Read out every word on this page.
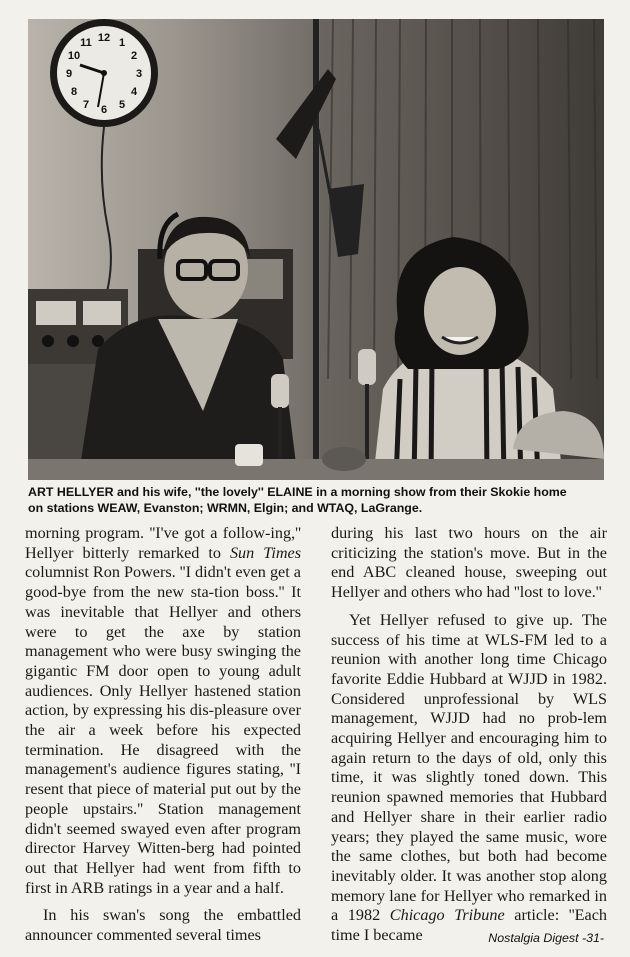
12 1
2
3
4
5
6
7
8
9
10
11
ART HELLYER and his wife, ''the lovely'' ELAINE in a morning show from their Skokie home
on stations WEAW, Evanston; WRMN, Elgin; and WTAQ, LaGrange.

morning program. ''I've got a follow-ing,'' Hellyer bitterly remarked to Sun Times columnist Ron Powers. ''I didn't even get a good-bye from the new sta-tion boss.'' It was inevitable that Hellyer and others were to get the axe by station management who were busy swinging the gigantic FM door open to young adult audiences. Only Hellyer hastened station action, by expressing his dis-pleasure over the air a week before his expected termination. He disagreed with the management's audience figures stating, ''I resent that piece of material put out by the people upstairs.'' Station management didn't seemed swayed even after program director Harvey Witten-berg had pointed out that Hellyer had went from fifth to first in ARB ratings in a year and a half.

In his swan's song the embattled announcer commented several times

during his last two hours on the air criticizing the station's move. But in the end ABC cleaned house, sweeping out Hellyer and others who had ''lost to love.''

Yet Hellyer refused to give up. The success of his time at WLS-FM led to a reunion with another long time Chicago favorite Eddie Hubbard at WJJD in 1982. Considered unprofessional by WLS management, WJJD had no prob-lem acquiring Hellyer and encouraging him to again return to the days of old, only this time, it was slightly toned down. This reunion spawned memories that Hubbard and Hellyer share in their earlier radio years; they played the same music, wore the same clothes, but both had become inevitably older. It was another stop along memory lane for Hellyer who remarked in a 1982 Chicago Tribune article: ''Each time I became	Nostalgia Digest -31-
